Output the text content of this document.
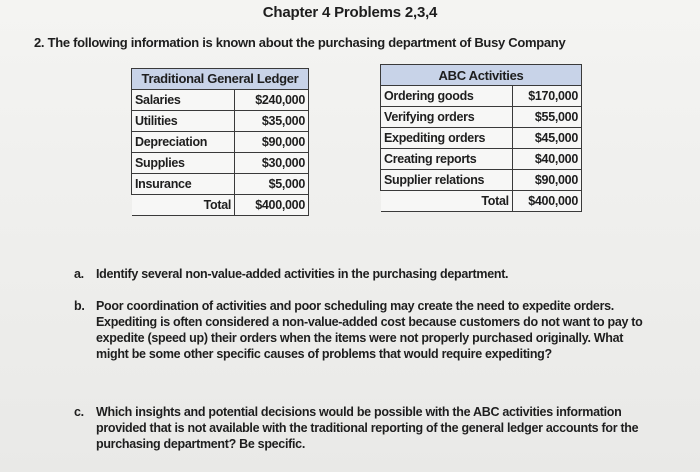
Chapter 4 Problems 2,3,4
2. The following information is known about the purchasing department of Busy Company
Traditional General Ledger	
Salaries	$240,000
Utilities	$35,000
Depreciation	$90,000
Supplies	$30,000
Insurance	$5,000
Total	$400,000
ABC Activities	
Ordering goods	$170,000
Verifying orders	$55,000
Expediting orders	$45,000
Creating reports	$40,000
Supplier relations	$90,000
Total	$400,000
a. Identify several non-value-added activities in the purchasing department.
b. Poor coordination of activities and poor scheduling may create the need to expedite orders. Expediting is often considered a non-value-added cost because customers do not want to pay to expedite (speed up) their orders when the items were not properly purchased originally. What might be some other specific causes of problems that would require expediting?
c. Which insights and potential decisions would be possible with the ABC activities information provided that is not available with the traditional reporting of the general ledger accounts for the purchasing department? Be specific.
